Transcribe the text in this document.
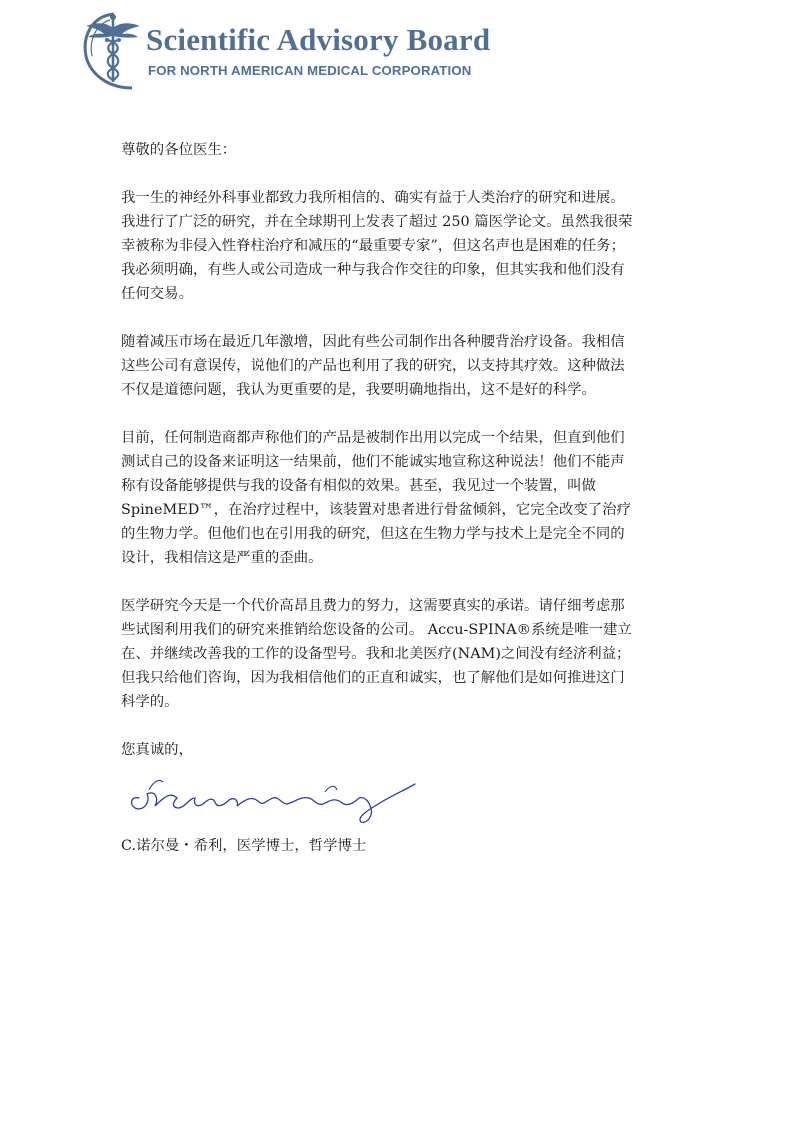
Scientific Advisory Board
FOR NORTH AMERICAN MEDICAL CORPORATION

尊敬的各位医生：

我一生的神经外科事业都致力我所相信的、确实有益于人类治疗的研究和进展。
我进行了广泛的研究，并在全球期刊上发表了超过 250 篇医学论文。虽然我很荣
幸被称为非侵入性脊柱治疗和减压的“最重要专家”，但这名声也是困难的任务；
我必须明确，有些人或公司造成一种与我合作交往的印象，但其实我和他们没有
任何交易。

随着减压市场在最近几年激增，因此有些公司制作出各种腰背治疗设备。我相信
这些公司有意误传，说他们的产品也利用了我的研究，以支持其疗效。这种做法
不仅是道德问题，我认为更重要的是，我要明确地指出，这不是好的科学。

目前，任何制造商都声称他们的产品是被制作出用以完成一个结果，但直到他们
测试自己的设备来证明这一结果前，他们不能诚实地宣称这种说法！他们不能声
称有设备能够提供与我的设备有相似的效果。甚至，我见过一个装置，叫做
SpineMED™，在治疗过程中，该装置对患者进行骨盆倾斜，它完全改变了治疗
的生物力学。但他们也在引用我的研究，但这在生物力学与技术上是完全不同的
设计，我相信这是严重的歪曲。

医学研究今天是一个代价高昂且费力的努力，这需要真实的承诺。请仔细考虑那
些试图利用我们的研究来推销给您设备的公司。 Accu-SPINA®系统是唯一建立
在、并继续改善我的工作的设备型号。我和北美医疗(NAM)之间没有经济利益；
但我只给他们咨询，因为我相信他们的正直和诚实，也了解他们是如何推进这门
科学的。

您真诚的，

C.诺尔曼・希利，医学博士，哲学博士
